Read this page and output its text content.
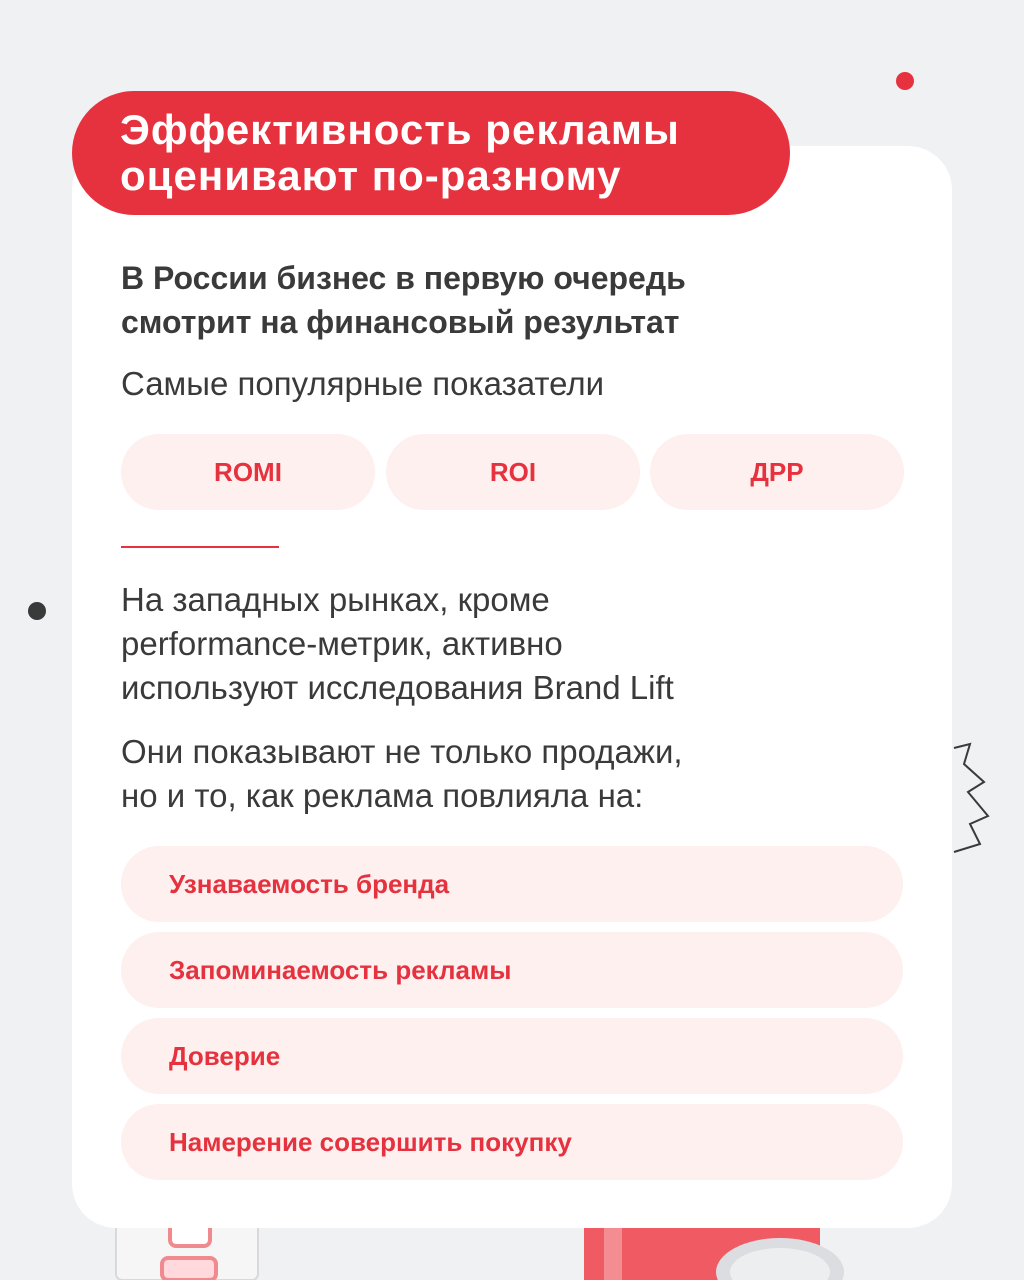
Эффективность рекламы
оценивают по-разному
В России бизнес в первую очередь
смотрит на финансовый результат
Самые популярные показатели
ROMI	ROI	ДРР
На западных рынках, кроме
performance-метрик, активно
используют исследования Brand Lift
Они показывают не только продажи,
но и то, как реклама повлияла на:
Узнаваемость бренда
Запоминаемость рекламы
Доверие
Намерение совершить покупку
